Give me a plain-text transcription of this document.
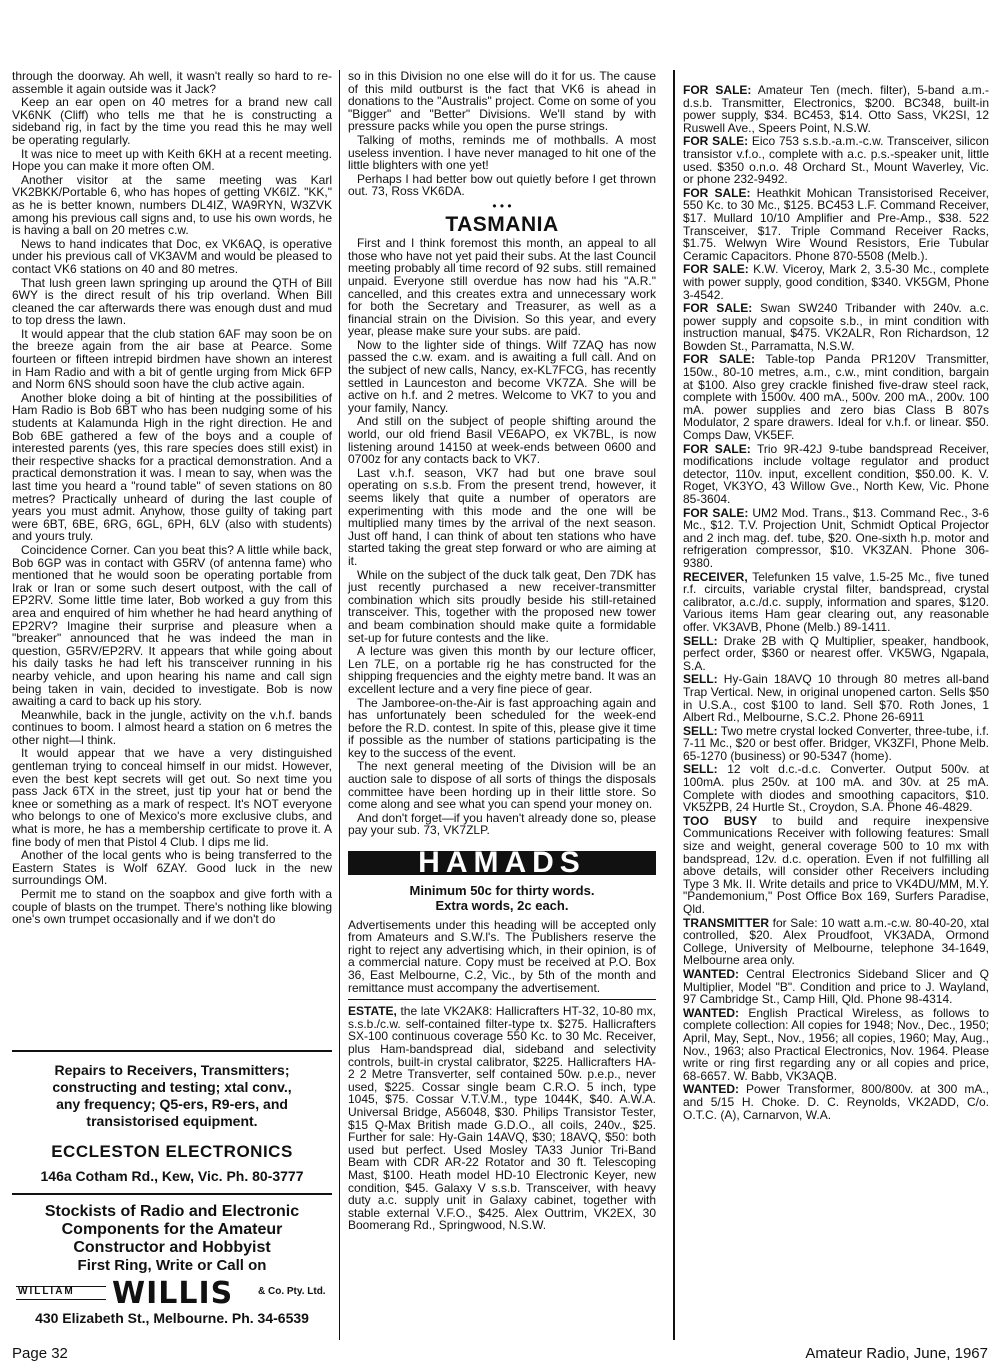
through the doorway. Ah well, it wasn't really so hard to re-assemble it again outside was it Jack?

Keep an ear open on 40 metres for a brand new call VK6NK (Cliff) who tells me that he is constructing a sideband rig, in fact by the time you read this he may well be operating regularly.

It was nice to meet up with Keith 6KH at a recent meeting. Hope you can make it more often OM.

Another visitor at the same meeting was Karl VK2BKK/Portable 6, who has hopes of getting VK6IZ. "KK," as he is better known, numbers DL4IZ, WA9RYN, W3ZVK among his previous call signs and, to use his own words, he is having a ball on 20 metres c.w.

News to hand indicates that Doc, ex VK6AQ, is operative under his previous call of VK3AVM and would be pleased to contact VK6 stations on 40 and 80 metres.

That lush green lawn springing up around the QTH of Bill 6WY is the direct result of his trip overland. When Bill cleaned the car afterwards there was enough dust and mud to top dress the lawn.

It would appear that the club station 6AF may soon be on the breeze again from the air base at Pearce. Some fourteen or fifteen intrepid birdmen have shown an interest in Ham Radio and with a bit of gentle urging from Mick 6FP and Norm 6NS should soon have the club active again.

Another bloke doing a bit of hinting at the possibilities of Ham Radio is Bob 6BT who has been nudging some of his students at Kalamunda High in the right direction. He and Bob 6BE gathered a few of the boys and a couple of interested parents (yes, this rare species does still exist) in their respective shacks for a practical demonstration. And a practical demonstration it was. I mean to say, when was the last time you heard a "round table" of seven stations on 80 metres? Practically unheard of during the last couple of years you must admit. Anyhow, those guilty of taking part were 6BT, 6BE, 6RG, 6GL, 6PH, 6LV (also with students) and yours truly.

Coincidence Corner. Can you beat this? A little while back, Bob 6GP was in contact with G5RV (of antenna fame) who mentioned that he would soon be operating portable from Irak or Iran or some such desert outpost, with the call of EP2RV. Some little time later, Bob worked a guy from this area and enquired of him whether he had heard anything of EP2RV? Imagine their surprise and pleasure when a "breaker" announced that he was indeed the man in question, G5RV/EP2RV. It appears that while going about his daily tasks he had left his transceiver running in his nearby vehicle, and upon hearing his name and call sign being taken in vain, decided to investigate. Bob is now awaiting a card to back up his story.

Meanwhile, back in the jungle, activity on the v.h.f. bands continues to boom. I almost heard a station on 6 metres the other night—I think.

It would appear that we have a very distinguished gentleman trying to conceal himself in our midst. However, even the best kept secrets will get out. So next time you pass Jack 6TX in the street, just tip your hat or bend the knee or something as a mark of respect. It's NOT everyone who belongs to one of Mexico's more exclusive clubs, and what is more, he has a membership certificate to prove it. A fine body of men that Pistol 4 Club. I dips me lid.

Another of the local gents who is being transferred to the Eastern States is Wolf 6ZAY. Good luck in the new surroundings OM.

Permit me to stand on the soapbox and give forth with a couple of blasts on the trumpet. There's nothing like blowing one's own trumpet occasionally and if we don't do

Repairs to Receivers, Transmitters;
constructing and testing; xtal conv.,
any frequency; Q5-ers, R9-ers, and
transistorised equipment.
ECCLESTON ELECTRONICS
146a Cotham Rd., Kew, Vic. Ph. 80-3777
Stockists of Radio and Electronic
Components for the Amateur
Constructor and Hobbyist
First Ring, Write or Call on
WILLIAM WILLIS & Co. Pty. Ltd.
430 Elizabeth St., Melbourne. Ph. 34-6539

so in this Division no one else will do it for us. The cause of this mild outburst is the fact that VK6 is ahead in donations to the "Australis" project. Come on some of you "Bigger" and "Better" Divisions. We'll stand by with pressure packs while you open the purse strings.

Talking of moths, reminds me of mothballs. A most useless invention. I have never managed to hit one of the little blighters with one yet!

Perhaps I had better bow out quietly before I get thrown out. 73, Ross VK6DA.

• • •
TASMANIA

First and I think foremost this month, an appeal to all those who have not yet paid their subs. At the last Council meeting probably all time record of 92 subs. still remained unpaid. Everyone still overdue has now had his "A.R." cancelled, and this creates extra and unnecessary work for both the Secretary and Treasurer, as well as a financial strain on the Division. So this year, and every year, please make sure your subs. are paid.

Now to the lighter side of things. Wilf 7ZAQ has now passed the c.w. exam. and is awaiting a full call. And on the subject of new calls, Nancy, ex-KL7FCG, has recently settled in Launceston and become VK7ZA. She will be active on h.f. and 2 metres. Welcome to VK7 to you and your family, Nancy.

And still on the subject of people shifting around the world, our old friend Basil VE6APO, ex VK7BL, is now listening around 14150 at week-ends between 0600 and 0700z for any contacts back to VK7.

Last v.h.f. season, VK7 had but one brave soul operating on s.s.b. From the present trend, however, it seems likely that quite a number of operators are experimenting with this mode and the one will be multiplied many times by the arrival of the next season. Just off hand, I can think of about ten stations who have started taking the great step forward or who are aiming at it.

While on the subject of the duck talk geat, Den 7DK has just recently purchased a new receiver-transmitter combination which sits proudly beside his still-retained transceiver. This, together with the proposed new tower and beam combination should make quite a formidable set-up for future contests and the like.

A lecture was given this month by our lecture officer, Len 7LE, on a portable rig he has constructed for the shipping frequencies and the eighty metre band. It was an excellent lecture and a very fine piece of gear.

The Jamboree-on-the-Air is fast approaching again and has unfortunately been scheduled for the week-end before the R.D. contest. In spite of this, please give it time if possible as the number of stations participating is the key to the success of the event.

The next general meeting of the Division will be an auction sale to dispose of all sorts of things the disposals committee have been hording up in their little store. So come along and see what you can spend your money on.

And don't forget—if you haven't already done so, please pay your sub. 73, VK7ZLP.

HAMADS
Minimum 50c for thirty words.
Extra words, 2c each.

Advertisements under this heading will be accepted only from Amateurs and S.W.l's. The Publishers reserve the right to reject any advertising which, in their opinion, is of a commercial nature. Copy must be received at P.O. Box 36, East Melbourne, C.2, Vic., by 5th of the month and remittance must accompany the advertisement.

ESTATE, the late VK2AK8: Hallicrafters HT-32, 10-80 mx, s.s.b./c.w. self-contained filter-type tx. $275. Hallicrafters SX-100 continuous coverage 550 Kc. to 30 Mc. Receiver, plus Ham-bandspread dial, sideband and selectivity controls, built-in crystal calibrator, $225. Hallicrafters HA-2 2 Metre Transverter, self contained 50w. p.e.p., never used, $225. Cossar single beam C.R.O. 5 inch, type 1045, $75. Cossar V.T.V.M., type 1044K, $40. A.W.A. Universal Bridge, A56048, $30. Philips Transistor Tester, $15 Q-Max British made G.D.O., all coils, 240v., $25. Further for sale: Hy-Gain 14AVQ, $30; 18AVQ, $50: both used but perfect. Used Mosley TA33 Junior Tri-Band Beam with CDR AR-22 Rotator and 30 ft. Telescoping Mast, $100. Heath model HD-10 Electronic Keyer, new condition, $45. Galaxy V s.s.b. Transceiver, with heavy duty a.c. supply unit in Galaxy cabinet, together with stable external V.F.O., $425. Alex Outtrim, VK2EX, 30 Boomerang Rd., Springwood, N.S.W.

FOR SALE: Amateur Ten (mech. filter), 5-band a.m.-d.s.b. Transmitter, Electronics, $200. BC348, built-in power supply, $34. BC453, $14. Otto Sass, VK2SI, 12 Ruswell Ave., Speers Point, N.S.W.

FOR SALE: Eico 753 s.s.b.-a.m.-c.w. Transceiver, silicon transistor v.f.o., complete with a.c. p.s.-speaker unit, little used. $350 o.n.o. 48 Orchard St., Mount Waverley, Vic. or phone 232-9492.

FOR SALE: Heathkit Mohican Transistorised Receiver, 550 Kc. to 30 Mc., $125. BC453 L.F. Command Receiver, $17. Mullard 10/10 Amplifier and Pre-Amp., $38. 522 Transceiver, $17. Triple Command Receiver Racks, $1.75. Welwyn Wire Wound Resistors, Erie Tubular Ceramic Capacitors. Phone 870-5508 (Melb.).

FOR SALE: K.W. Viceroy, Mark 2, 3.5-30 Mc., complete with power supply, good condition, $340. VK5GM, Phone 3-4542.

FOR SALE: Swan SW240 Tribander with 240v. a.c. power supply and copsoite s.b., in mint condition with instruction manual, $475. VK2ALR, Ron Richardson, 12 Bowden St., Parramatta, N.S.W.

FOR SALE: Table-top Panda PR120V Transmitter, 150w., 80-10 metres, a.m., c.w., mint condition, bargain at $100. Also grey crackle finished five-draw steel rack, complete with 1500v. 400 mA., 500v. 200 mA., 200v. 100 mA. power supplies and zero bias Class B 807s Modulator, 2 spare drawers. Ideal for v.h.f. or linear. $50. Comps Daw, VK5EF.

FOR SALE: Trio 9R-42J 9-tube bandspread Receiver, modifications include voltage regulator and product detector, 110v. input, excellent condition, $50.00. K. V. Roget, VK3YO, 43 Willow Gve., North Kew, Vic. Phone 85-3604.

FOR SALE: UM2 Mod. Trans., $13. Command Rec., 3-6 Mc., $12. T.V. Projection Unit, Schmidt Optical Projector and 2 inch mag. def. tube, $20. One-sixth h.p. motor and refrigeration compressor, $10. VK3ZAN. Phone 306-9380.

RECEIVER, Telefunken 15 valve, 1.5-25 Mc., five tuned r.f. circuits, variable crystal filter, bandspread, crystal calibrator, a.c./d.c. supply, information and spares, $120. Various items Ham gear clearing out, any reasonable offer. VK3AVB, Phone (Melb.) 89-1411.

SELL: Drake 2B with Q Multiplier, speaker, handbook, perfect order, $360 or nearest offer. VK5WG, Ngapala, S.A.

SELL: Hy-Gain 18AVQ 10 through 80 metres all-band Trap Vertical. New, in original unopened carton. Sells $50 in U.S.A., cost $100 to land. Sell $70. Roth Jones, 1 Albert Rd., Melbourne, S.C.2. Phone 26-6911

SELL: Two metre crystal locked Converter, three-tube, i.f. 7-11 Mc., $20 or best offer. Bridger, VK3ZFI, Phone Melb. 65-1270 (business) or 90-5347 (home).

SELL: 12 volt d.c.-d.c. Converter. Output 500v. at 100mA. plus 250v. at 100 mA. and 30v. at 25 mA. Complete with diodes and smoothing capacitors, $10. VK5ZPB, 24 Hurtle St., Croydon, S.A. Phone 46-4829.

TOO BUSY to build and require inexpensive Communications Receiver with following features: Small size and weight, general coverage 500 to 10 mx with bandspread, 12v. d.c. operation. Even if not fulfilling all above details, will consider other Receivers including Type 3 Mk. II. Write details and price to VK4DU/MM, M.Y. "Pandemonium," Post Office Box 169, Surfers Paradise, Qld.

TRANSMITTER for Sale: 10 watt a.m.-c.w. 80-40-20, xtal controlled, $20. Alex Proudfoot, VK3ADA, Ormond College, University of Melbourne, telephone 34-1649, Melbourne area only.

WANTED: Central Electronics Sideband Slicer and Q Multiplier, Model "B". Condition and price to J. Wayland, 97 Cambridge St., Camp Hill, Qld. Phone 98-4314.

WANTED: English Practical Wireless, as follows to complete collection: All copies for 1948; Nov., Dec., 1950; April, May, Sept., Nov., 1956; all copies, 1960; May, Aug., Nov., 1963; also Practical Electronics, Nov. 1964. Please write or ring first regarding any or all copies and price, 68-6657. W. Babb, VK3AQB.

WANTED: Power Transformer, 800/800v. at 300 mA., and 5/15 H. Choke. D. C. Reynolds, VK2ADD, C/o. O.T.C. (A), Carnarvon, W.A.

Page 32	Amateur Radio, June, 1967
